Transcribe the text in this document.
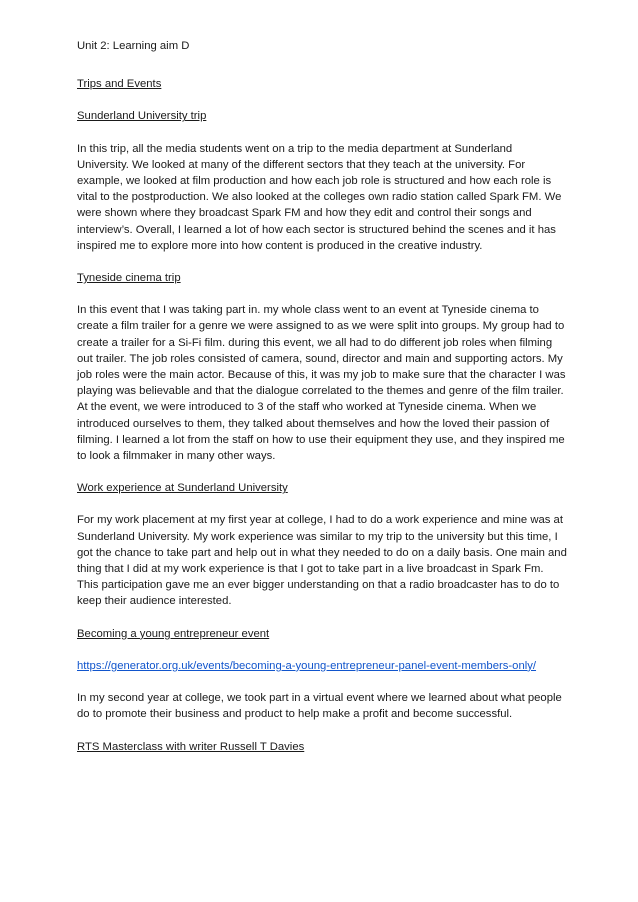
Unit 2: Learning aim D

Trips and Events

Sunderland University trip

In this trip, all the media students went on a trip to the media department at Sunderland University. We looked at many of the different sectors that they teach at the university. For example, we looked at film production and how each job role is structured and how each role is vital to the postproduction. We also looked at the colleges own radio station called Spark FM. We were shown where they broadcast Spark FM and how they edit and control their songs and interview’s. Overall, I learned a lot of how each sector is structured behind the scenes and it has inspired me to explore more into how content is produced in the creative industry.

Tyneside cinema trip

In this event that I was taking part in. my whole class went to an event at Tyneside cinema to create a film trailer for a genre we were assigned to as we were split into groups. My group had to create a trailer for a Si-Fi film. during this event, we all had to do different job roles when filming out trailer. The job roles consisted of camera, sound, director and main and supporting actors. My job roles were the main actor. Because of this, it was my job to make sure that the character I was playing was believable and that the dialogue correlated to the themes and genre of the film trailer. At the event, we were introduced to 3 of the staff who worked at Tyneside cinema. When we introduced ourselves to them, they talked about themselves and how the loved their passion of filming. I learned a lot from the staff on how to use their equipment they use, and they inspired me to look a filmmaker in many other ways.

Work experience at Sunderland University

For my work placement at my first year at college, I had to do a work experience and mine was at Sunderland University. My work experience was similar to my trip to the university but this time, I got the chance to take part and help out in what they needed to do on a daily basis. One main and thing that I did at my work experience is that I got to take part in a live broadcast in Spark Fm. This participation gave me an ever bigger understanding on that a radio broadcaster has to do to keep their audience interested.

Becoming a young entrepreneur event

https://generator.org.uk/events/becoming-a-young-entrepreneur-panel-event-members-only/

In my second year at college, we took part in a virtual event where we learned about what people do to promote their business and product to help make a profit and become successful.

RTS Masterclass with writer Russell T Davies
